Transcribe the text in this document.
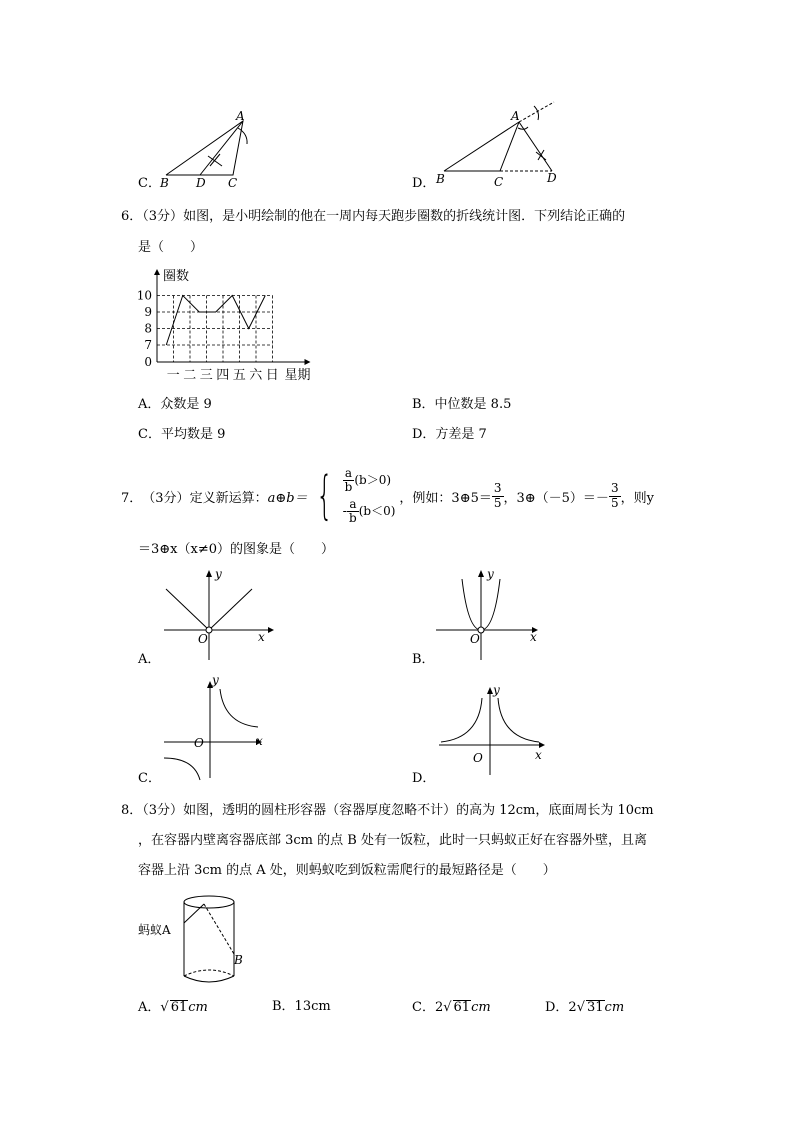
C．
A
B D C	D．
A
B	C	D
6．（3分）如图，是小明绘制的他在一周内每天跑步圈数的折线统计图．下列结论正确的
是（　　）
0
7
8
9
10
圈数
星期
一 二 三 四 五 六 日
A．众数是 9	B．中位数是 8.5
C．平均数是 9	D．方差是 7
7． （3分） 定义新运算： a⊕b＝ { $\frac{a}{b} (b>0)$
- $\frac{a}{b} (b<0)$
，例如：3⊕5＝ $\frac{3}{5}$ ，3⊕（－5）＝－ $\frac{3}{5}$ ，则y
＝3⊕x（x≠0）的图象是（　　）
x
y
O
A．
x
y
O
B．
x
y
O
C．
x
y
O
D．
8．（3分）如图，透明的圆柱形容器（容器厚度忽略不计）的高为 12cm，底面周长为 10cm
，在容器内壁离容器底部 3cm 的点 B 处有一饭粒，此时一只蚂蚁正好在容器外壁，且离
容器上沿 3cm 的点 A 处，则蚂蚁吃到饭粒需爬行的最短路径是（　　）
蚂蚁A
B
A．√ 61cm	B．13cm	C．2√ 61cm	D．2√ 31cm
